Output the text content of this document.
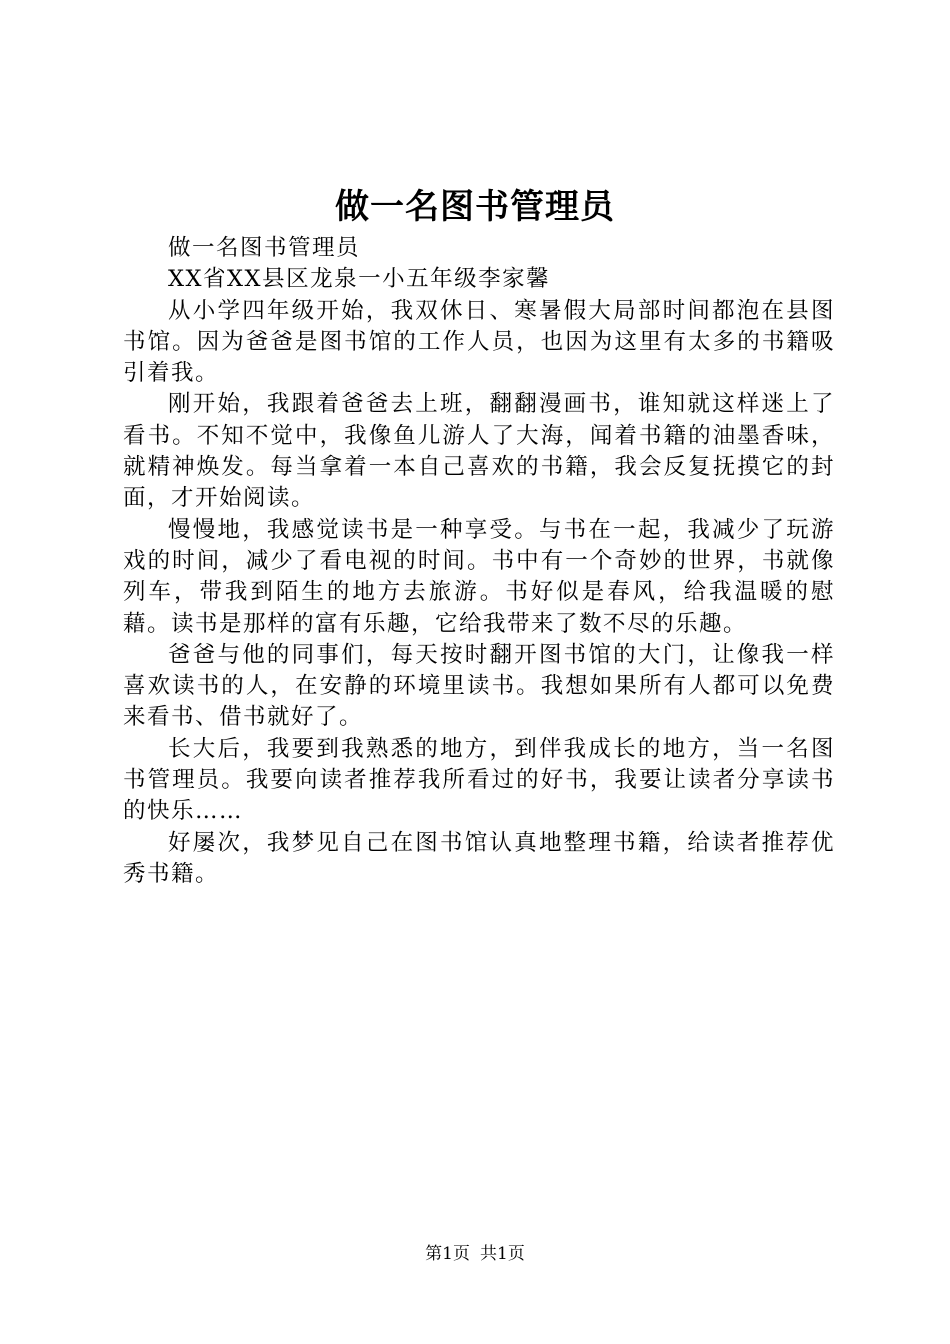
做一名图书管理员

做一名图书管理员

XX省XX县区龙泉一小五年级李家馨

从小学四年级开始，我双休日、寒暑假大局部时间都泡在县图书馆。因为爸爸是图书馆的工作人员，也因为这里有太多的书籍吸引着我。

刚开始，我跟着爸爸去上班，翻翻漫画书，谁知就这样迷上了看书。不知不觉中，我像鱼儿游人了大海，闻着书籍的油墨香味，就精神焕发。每当拿着一本自己喜欢的书籍，我会反复抚摸它的封面，才开始阅读。

慢慢地，我感觉读书是一种享受。与书在一起，我减少了玩游戏的时间，减少了看电视的时间。书中有一个奇妙的世界，书就像列车，带我到陌生的地方去旅游。书好似是春风，给我温暖的慰藉。读书是那样的富有乐趣，它给我带来了数不尽的乐趣。

爸爸与他的同事们，每天按时翻开图书馆的大门，让像我一样喜欢读书的人，在安静的环境里读书。我想如果所有人都可以免费来看书、借书就好了。

长大后，我要到我熟悉的地方，到伴我成长的地方，当一名图书管理员。我要向读者推荐我所看过的好书，我要让读者分享读书的快乐……

好屡次，我梦见自己在图书馆认真地整理书籍，给读者推荐优秀书籍。

第1页 共1页
